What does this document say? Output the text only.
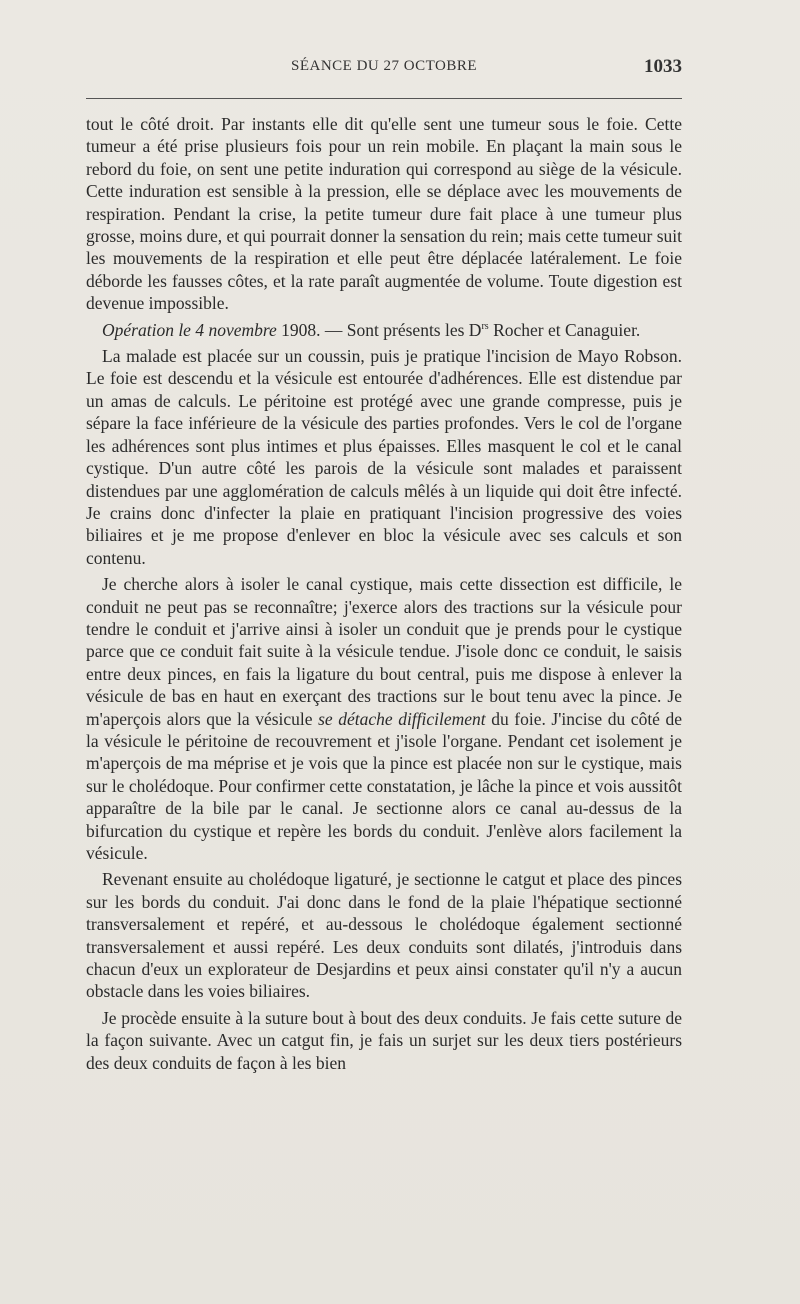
SÉANCE DU 27 OCTOBRE	1033

tout le côté droit. Par instants elle dit qu'elle sent une tumeur sous le foie. Cette tumeur a été prise plusieurs fois pour un rein mobile. En plaçant la main sous le rebord du foie, on sent une petite induration qui correspond au siège de la vésicule. Cette induration est sensible à la pression, elle se déplace avec les mouvements de respiration. Pendant la crise, la petite tumeur dure fait place à une tumeur plus grosse, moins dure, et qui pourrait donner la sensation du rein; mais cette tumeur suit les mouvements de la respiration et elle peut être déplacée latéralement. Le foie déborde les fausses côtes, et la rate paraît augmentée de volume. Toute digestion est devenue impossible.

Opération le 4 novembre 1908. — Sont présents les $D^{rs}$ Rocher et Canaguier.

La malade est placée sur un coussin, puis je pratique l'incision de Mayo Robson. Le foie est descendu et la vésicule est entourée d'adhérences. Elle est distendue par un amas de calculs. Le péritoine est protégé avec une grande compresse, puis je sépare la face inférieure de la vésicule des parties profondes. Vers le col de l'organe les adhérences sont plus intimes et plus épaisses. Elles masquent le col et le canal cystique. D'un autre côté les parois de la vésicule sont malades et paraissent distendues par une agglomération de calculs mêlés à un liquide qui doit être infecté. Je crains donc d'infecter la plaie en pratiquant l'incision progressive des voies biliaires et je me propose d'enlever en bloc la vésicule avec ses calculs et son contenu.

Je cherche alors à isoler le canal cystique, mais cette dissection est difficile, le conduit ne peut pas se reconnaître; j'exerce alors des tractions sur la vésicule pour tendre le conduit et j'arrive ainsi à isoler un conduit que je prends pour le cystique parce que ce conduit fait suite à la vésicule tendue. J'isole donc ce conduit, le saisis entre deux pinces, en fais la ligature du bout central, puis me dispose à enlever la vésicule de bas en haut en exerçant des tractions sur le bout tenu avec la pince. Je m'aperçois alors que la vésicule se détache difficilement du foie. J'incise du côté de la vésicule le péritoine de recouvrement et j'isole l'organe. Pendant cet isolement je m'aperçois de ma méprise et je vois que la pince est placée non sur le cystique, mais sur le cholédoque. Pour confirmer cette constatation, je lâche la pince et vois aussitôt apparaître de la bile par le canal. Je sectionne alors ce canal au-dessus de la bifurcation du cystique et repère les bords du conduit. J'enlève alors facilement la vésicule.

Revenant ensuite au cholédoque ligaturé, je sectionne le catgut et place des pinces sur les bords du conduit. J'ai donc dans le fond de la plaie l'hépatique sectionné transversalement et repéré, et au-dessous le cholédoque également sectionné transversalement et aussi repéré. Les deux conduits sont dilatés, j'introduis dans chacun d'eux un explorateur de Desjardins et peux ainsi constater qu'il n'y a aucun obstacle dans les voies biliaires.

Je procède ensuite à la suture bout à bout des deux conduits. Je fais cette suture de la façon suivante. Avec un catgut fin, je fais un surjet sur les deux tiers postérieurs des deux conduits de façon à les bien
